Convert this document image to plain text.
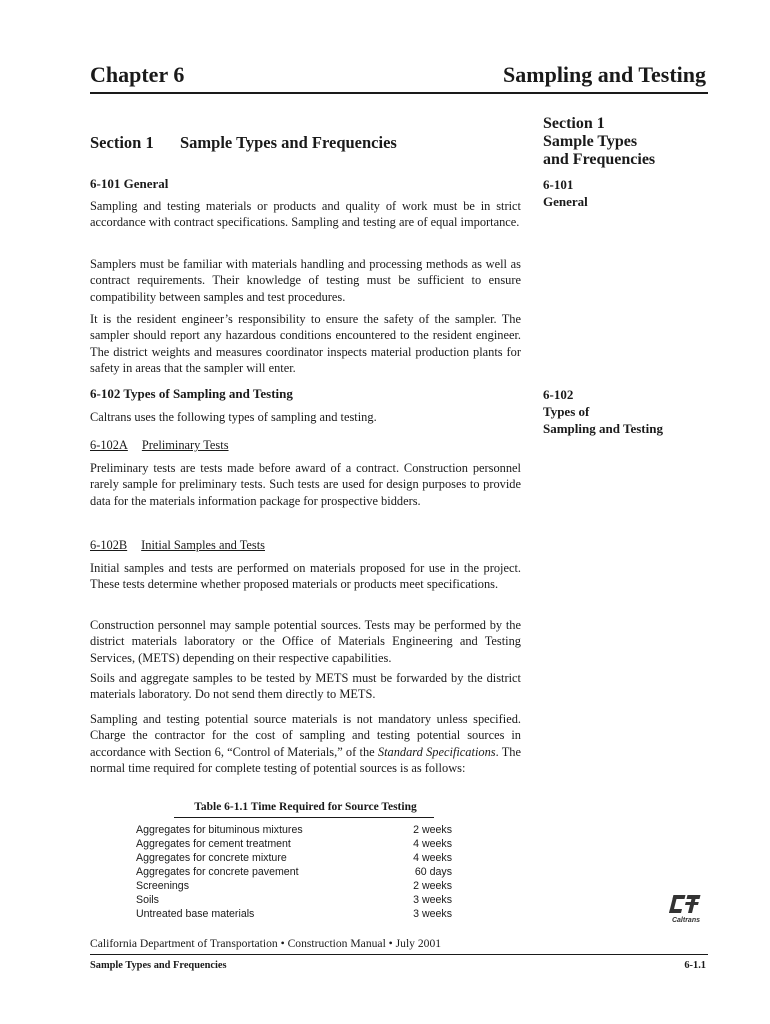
Chapter 6	Sampling and Testing
Section 1 Sample Types and Frequencies
Section 1
Sample Types
and Frequencies
6-101
General
6-102
Types of
Sampling and Testing
6-101 General
Sampling and testing materials or products and quality of work must be in strict accordance with contract specifications. Sampling and testing are of equal importance.
Samplers must be familiar with materials handling and processing methods as well as contract requirements. Their knowledge of testing must be sufficient to ensure compatibility between samples and test procedures.
It is the resident engineer’s responsibility to ensure the safety of the sampler. The sampler should report any hazardous conditions encountered to the resident engineer. The district weights and measures coordinator inspects material production plants for safety in areas that the sampler will enter.
6-102 Types of Sampling and Testing
Caltrans uses the following types of sampling and testing.
6-102A Preliminary Tests
Preliminary tests are tests made before award of a contract. Construction personnel rarely sample for preliminary tests. Such tests are used for design purposes to provide data for the materials information package for prospective bidders.
6-102B Initial Samples and Tests
Initial samples and tests are performed on materials proposed for use in the project. These tests determine whether proposed materials or products meet specifications.
Construction personnel may sample potential sources. Tests may be performed by the district materials laboratory or the Office of Materials Engineering and Testing Services, (METS) depending on their respective capabilities.
Soils and aggregate samples to be tested by METS must be forwarded by the district materials laboratory. Do not send them directly to METS.
Sampling and testing potential source materials is not mandatory unless specified. Charge the contractor for the cost of sampling and testing potential sources in accordance with Section 6, “Control of Materials,” of the Standard Specifications. The normal time required for complete testing of potential sources is as follows:
Table 6-1.1 Time Required for Source Testing
Aggregates for bituminous mixtures	2 weeks
Aggregates for cement treatment	4 weeks
Aggregates for concrete mixture	4 weeks
Aggregates for concrete pavement	60 days
Screenings	2 weeks
Soils	3 weeks
Untreated base materials	3 weeks
Caltrans
California Department of Transportation • Construction Manual • July 2001
Sample Types and Frequencies	6-1.1
